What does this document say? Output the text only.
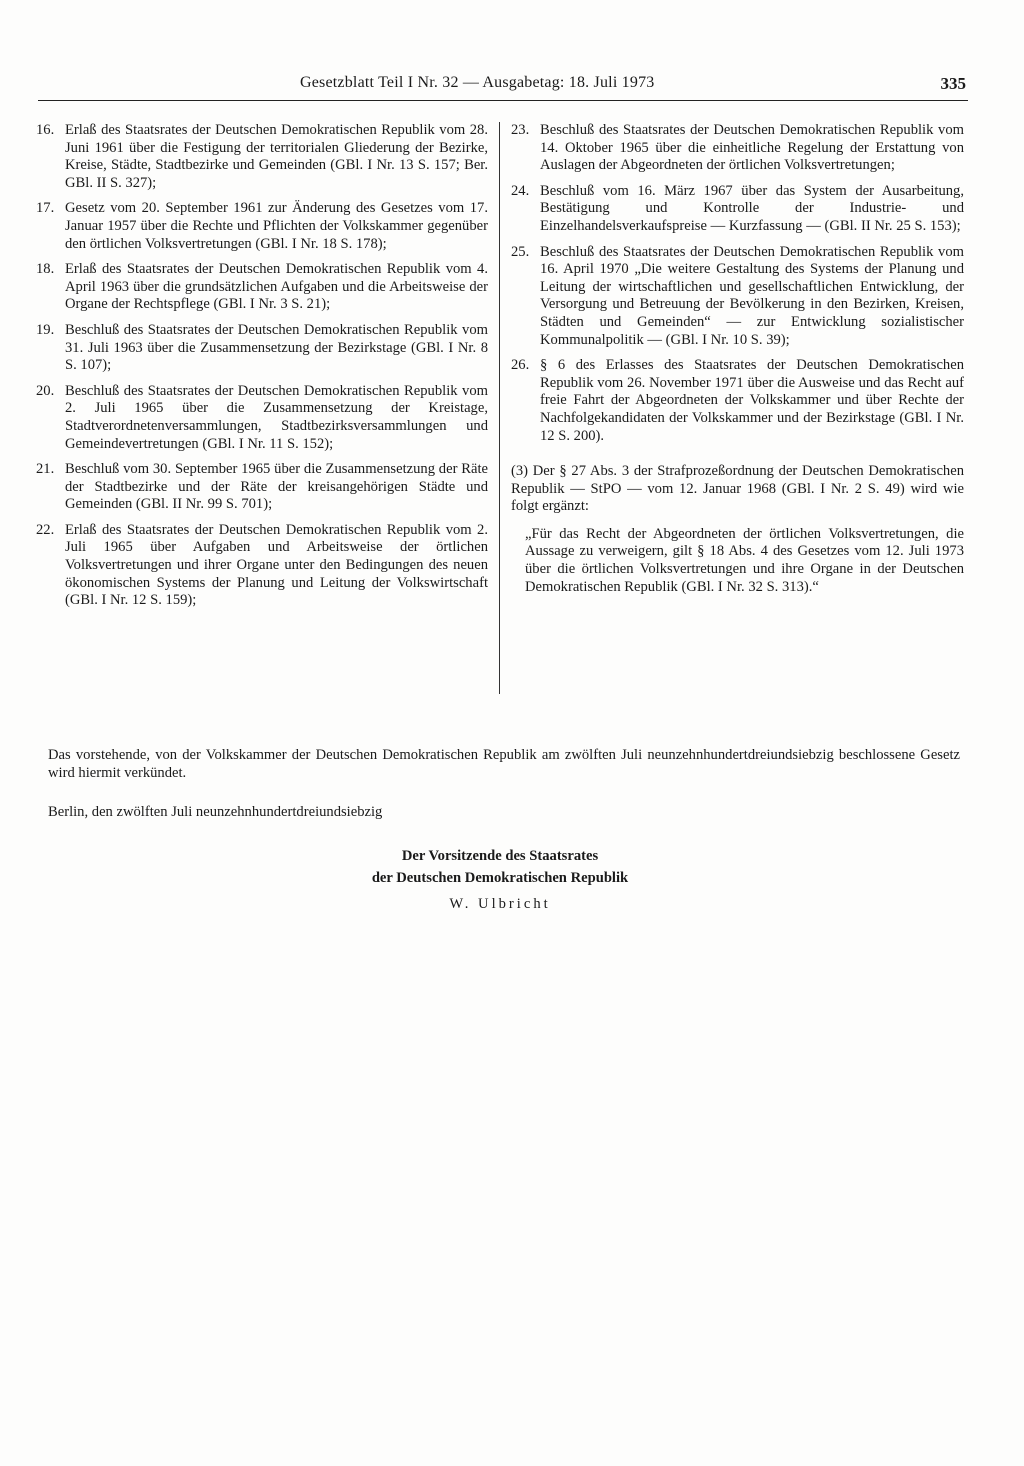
Gesetzblatt Teil I Nr. 32 — Ausgabetag: 18. Juli 1973	335
16. Erlaß des Staatsrates der Deutschen Demokratischen Republik vom 28. Juni 1961 über die Festigung der territorialen Gliederung der Bezirke, Kreise, Städte, Stadtbezirke und Gemeinden (GBl. I Nr. 13 S. 157; Ber. GBl. II S. 327);
17. Gesetz vom 20. September 1961 zur Änderung des Gesetzes vom 17. Januar 1957 über die Rechte und Pflichten der Volkskammer gegenüber den örtlichen Volksvertretungen (GBl. I Nr. 18 S. 178);
18. Erlaß des Staatsrates der Deutschen Demokratischen Republik vom 4. April 1963 über die grundsätzlichen Aufgaben und die Arbeitsweise der Organe der Rechtspflege (GBl. I Nr. 3 S. 21);
19. Beschluß des Staatsrates der Deutschen Demokratischen Republik vom 31. Juli 1963 über die Zusammensetzung der Bezirkstage (GBl. I Nr. 8 S. 107);
20. Beschluß des Staatsrates der Deutschen Demokratischen Republik vom 2. Juli 1965 über die Zusammensetzung der Kreistage, Stadtverordnetenversammlungen, Stadtbezirksversammlungen und Gemeindevertretungen (GBl. I Nr. 11 S. 152);
21. Beschluß vom 30. September 1965 über die Zusammensetzung der Räte der Stadtbezirke und der Räte der kreisangehörigen Städte und Gemeinden (GBl. II Nr. 99 S. 701);
22. Erlaß des Staatsrates der Deutschen Demokratischen Republik vom 2. Juli 1965 über Aufgaben und Arbeitsweise der örtlichen Volksvertretungen und ihrer Organe unter den Bedingungen des neuen ökonomischen Systems der Planung und Leitung der Volkswirtschaft (GBl. I Nr. 12 S. 159);
23. Beschluß des Staatsrates der Deutschen Demokratischen Republik vom 14. Oktober 1965 über die einheitliche Regelung der Erstattung von Auslagen der Abgeordneten der örtlichen Volksvertretungen;
24. Beschluß vom 16. März 1967 über das System der Ausarbeitung, Bestätigung und Kontrolle der Industrie- und Einzelhandelsverkaufspreise — Kurzfassung — (GBl. II Nr. 25 S. 153);
25. Beschluß des Staatsrates der Deutschen Demokratischen Republik vom 16. April 1970 „Die weitere Gestaltung des Systems der Planung und Leitung der wirtschaftlichen und gesellschaftlichen Entwicklung, der Versorgung und Betreuung der Bevölkerung in den Bezirken, Kreisen, Städten und Gemeinden“ — zur Entwicklung sozialistischer Kommunalpolitik — (GBl. I Nr. 10 S. 39);
26. § 6 des Erlasses des Staatsrates der Deutschen Demokratischen Republik vom 26. November 1971 über die Ausweise und das Recht auf freie Fahrt der Abgeordneten der Volkskammer und über Rechte der Nachfolgekandidaten der Volkskammer und der Bezirkstage (GBl. I Nr. 12 S. 200).
(3) Der § 27 Abs. 3 der Strafprozeßordnung der Deutschen Demokratischen Republik — StPO — vom 12. Januar 1968 (GBl. I Nr. 2 S. 49) wird wie folgt ergänzt:
„Für das Recht der Abgeordneten der örtlichen Volksvertretungen, die Aussage zu verweigern, gilt § 18 Abs. 4 des Gesetzes vom 12. Juli 1973 über die örtlichen Volksvertretungen und ihre Organe in der Deutschen Demokratischen Republik (GBl. I Nr. 32 S. 313).“
Das vorstehende, von der Volkskammer der Deutschen Demokratischen Republik am zwölften Juli neunzehnhundertdreiundsiebzig beschlossene Gesetz wird hiermit verkündet.
Berlin, den zwölften Juli neunzehnhundertdreiundsiebzig
Der Vorsitzende des Staatsrates
der Deutschen Demokratischen Republik
W. Ulbricht
